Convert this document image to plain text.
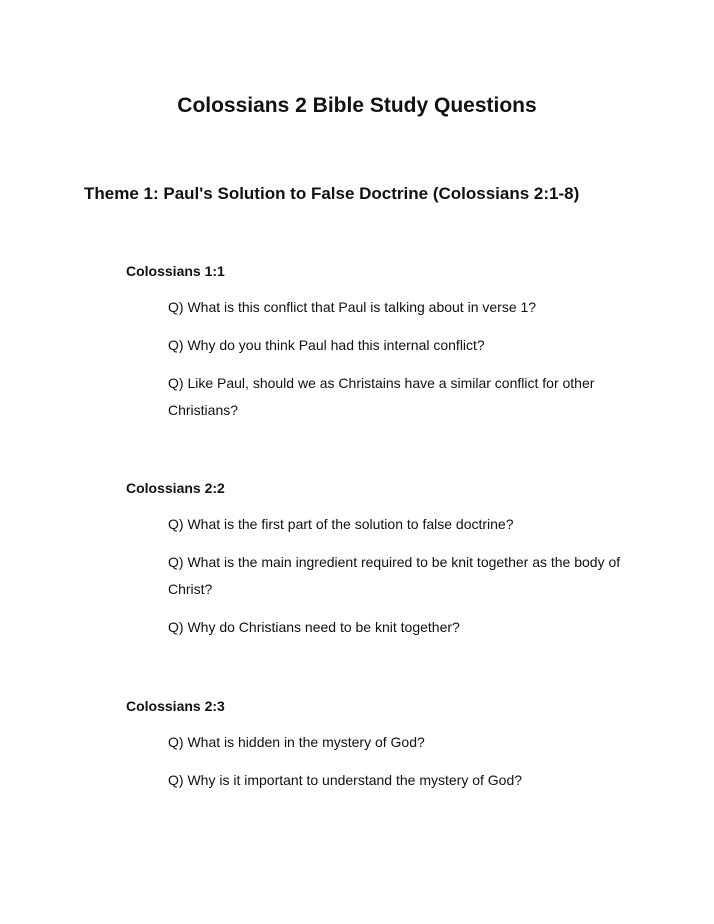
Colossians 2 Bible Study Questions
Theme 1: Paul's Solution to False Doctrine (Colossians 2:1-8)
Colossians 1:1

Q) What is this conflict that Paul is talking about in verse 1?

Q) Why do you think Paul had this internal conflict?

Q) Like Paul, should we as Christains have a similar conflict for other Christians?

Colossians 2:2

Q) What is the first part of the solution to false doctrine?

Q) What is the main ingredient required to be knit together as the body of Christ?

Q) Why do Christians need to be knit together?

Colossians 2:3

Q) What is hidden in the mystery of God?

Q) Why is it important to understand the mystery of God?
